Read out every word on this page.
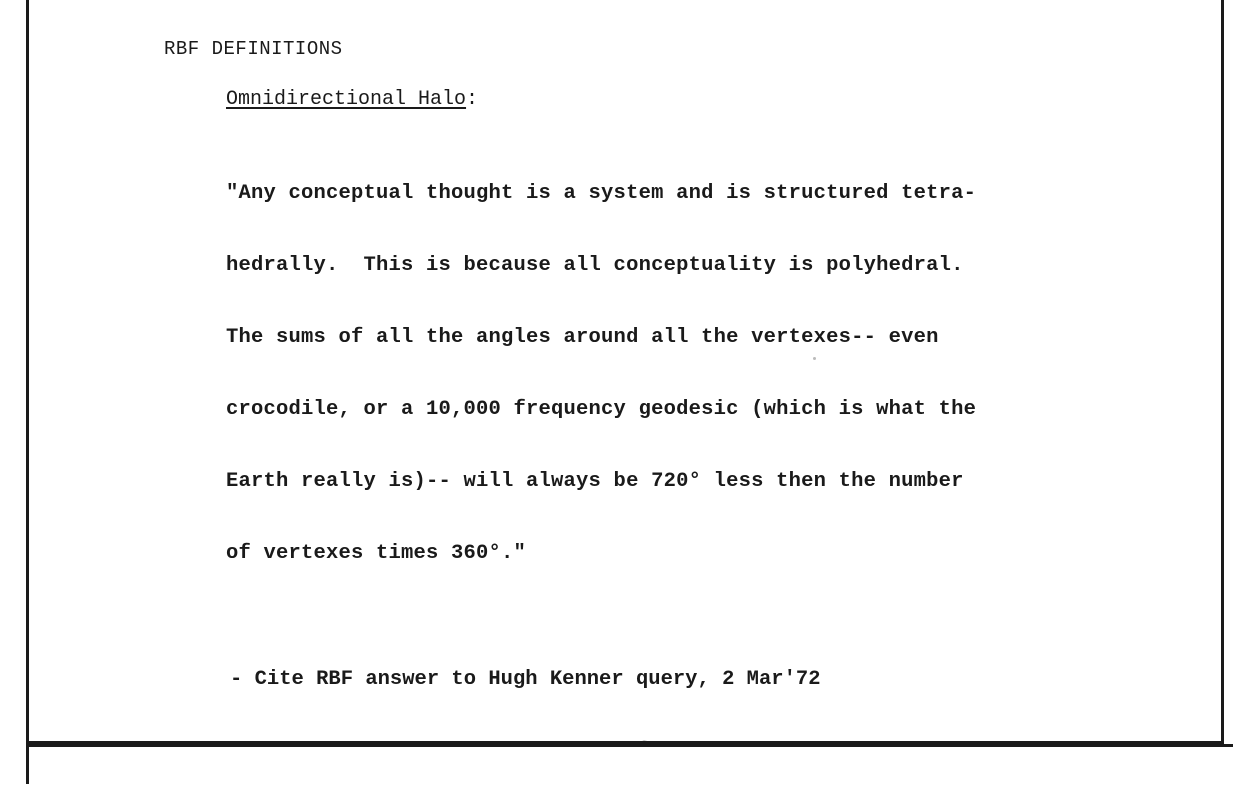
RBF DEFINITIONS
Omnidirectional Halo:

"Any conceptual thought is a system and is structured tetra-

hedrally.  This is because all conceptuality is polyhedral.

The sums of all the angles around all the vertexes-- even

crocodile, or a 10,000 frequency geodesic (which is what the

Earth really is)-- will always be 720° less then the number

of vertexes times 360°."

- Cite RBF answer to Hugh Kenner query, 2 Mar'72
